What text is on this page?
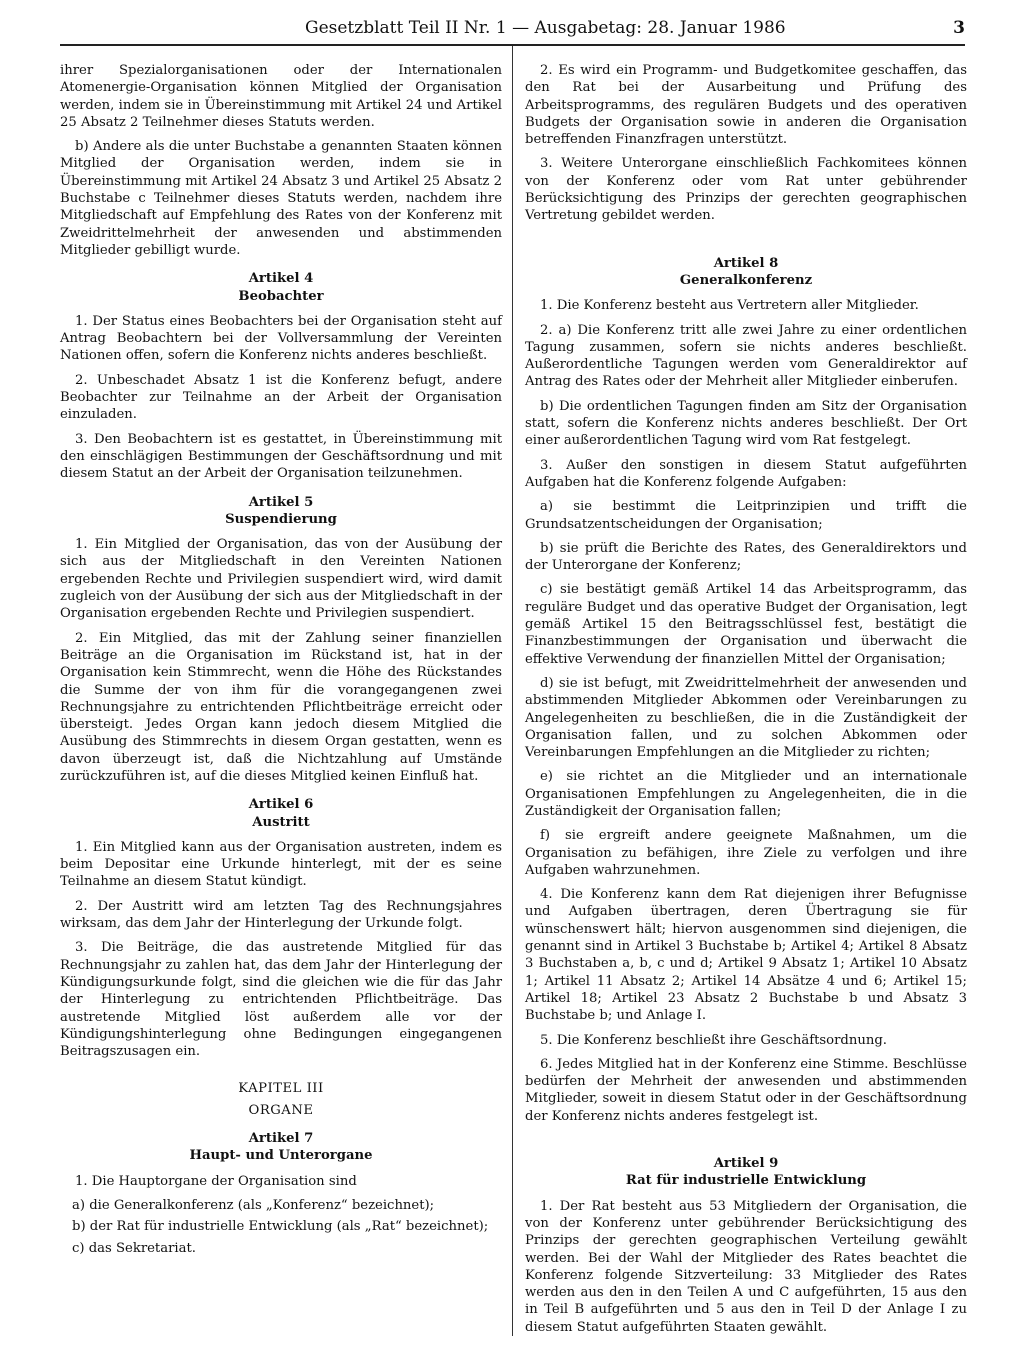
Gesetzblatt Teil II Nr. 1 — Ausgabetag: 28. Januar 1986	3

ihrer Spezialorganisationen oder der Internationalen Atomenergie-Organisation können Mitglied der Organisation werden, indem sie in Übereinstimmung mit Artikel 24 und Artikel 25 Absatz 2 Teilnehmer dieses Statuts werden.

b) Andere als die unter Buchstabe a genannten Staaten können Mitglied der Organisation werden, indem sie in Übereinstimmung mit Artikel 24 Absatz 3 und Artikel 25 Absatz 2 Buchstabe c Teilnehmer dieses Statuts werden, nachdem ihre Mitgliedschaft auf Empfehlung des Rates von der Konferenz mit Zweidrittelmehrheit der anwesenden und abstimmenden Mitglieder gebilligt wurde.

Artikel 4
Beobachter

1. Der Status eines Beobachters bei der Organisation steht auf Antrag Beobachtern bei der Vollversammlung der Vereinten Nationen offen, sofern die Konferenz nichts anderes beschließt.

2. Unbeschadet Absatz 1 ist die Konferenz befugt, andere Beobachter zur Teilnahme an der Arbeit der Organisation einzuladen.

3. Den Beobachtern ist es gestattet, in Übereinstimmung mit den einschlägigen Bestimmungen der Geschäftsordnung und mit diesem Statut an der Arbeit der Organisation teilzunehmen.

Artikel 5
Suspendierung

1. Ein Mitglied der Organisation, das von der Ausübung der sich aus der Mitgliedschaft in den Vereinten Nationen ergebenden Rechte und Privilegien suspendiert wird, wird damit zugleich von der Ausübung der sich aus der Mitgliedschaft in der Organisation ergebenden Rechte und Privilegien suspendiert.

2. Ein Mitglied, das mit der Zahlung seiner finanziellen Beiträge an die Organisation im Rückstand ist, hat in der Organisation kein Stimmrecht, wenn die Höhe des Rückstandes die Summe der von ihm für die vorangegangenen zwei Rechnungsjahre zu entrichtenden Pflichtbeiträge erreicht oder übersteigt. Jedes Organ kann jedoch diesem Mitglied die Ausübung des Stimmrechts in diesem Organ gestatten, wenn es davon überzeugt ist, daß die Nichtzahlung auf Umstände zurückzuführen ist, auf die dieses Mitglied keinen Einfluß hat.

Artikel 6
Austritt

1. Ein Mitglied kann aus der Organisation austreten, indem es beim Depositar eine Urkunde hinterlegt, mit der es seine Teilnahme an diesem Statut kündigt.

2. Der Austritt wird am letzten Tag des Rechnungsjahres wirksam, das dem Jahr der Hinterlegung der Urkunde folgt.

3. Die Beiträge, die das austretende Mitglied für das Rechnungsjahr zu zahlen hat, das dem Jahr der Hinterlegung der Kündigungsurkunde folgt, sind die gleichen wie die für das Jahr der Hinterlegung zu entrichtenden Pflichtbeiträge. Das austretende Mitglied löst außerdem alle vor der Kündigungshinterlegung ohne Bedingungen eingegangenen Beitragszusagen ein.

KAPITEL III
ORGANE
Artikel 7
Haupt- und Unterorgane

1. Die Hauptorgane der Organisation sind

a) die Generalkonferenz (als „Konferenz“ bezeichnet);

b) der Rat für industrielle Entwicklung (als „Rat“ bezeichnet);

c) das Sekretariat.

2. Es wird ein Programm- und Budgetkomitee geschaffen, das den Rat bei der Ausarbeitung und Prüfung des Arbeitsprogramms, des regulären Budgets und des operativen Budgets der Organisation sowie in anderen die Organisation betreffenden Finanzfragen unterstützt.

3. Weitere Unterorgane einschließlich Fachkomitees können von der Konferenz oder vom Rat unter gebührender Berücksichtigung des Prinzips der gerechten geographischen Vertretung gebildet werden.

Artikel 8
Generalkonferenz

1. Die Konferenz besteht aus Vertretern aller Mitglieder.

2. a) Die Konferenz tritt alle zwei Jahre zu einer ordentlichen Tagung zusammen, sofern sie nichts anderes beschließt. Außerordentliche Tagungen werden vom Generaldirektor auf Antrag des Rates oder der Mehrheit aller Mitglieder einberufen.

b) Die ordentlichen Tagungen finden am Sitz der Organisation statt, sofern die Konferenz nichts anderes beschließt. Der Ort einer außerordentlichen Tagung wird vom Rat festgelegt.

3. Außer den sonstigen in diesem Statut aufgeführten Aufgaben hat die Konferenz folgende Aufgaben:

a) sie bestimmt die Leitprinzipien und trifft die Grundsatzentscheidungen der Organisation;

b) sie prüft die Berichte des Rates, des Generaldirektors und der Unterorgane der Konferenz;

c) sie bestätigt gemäß Artikel 14 das Arbeitsprogramm, das reguläre Budget und das operative Budget der Organisation, legt gemäß Artikel 15 den Beitragsschlüssel fest, bestätigt die Finanzbestimmungen der Organisation und überwacht die effektive Verwendung der finanziellen Mittel der Organisation;

d) sie ist befugt, mit Zweidrittelmehrheit der anwesenden und abstimmenden Mitglieder Abkommen oder Vereinbarungen zu Angelegenheiten zu beschließen, die in die Zuständigkeit der Organisation fallen, und zu solchen Abkommen oder Vereinbarungen Empfehlungen an die Mitglieder zu richten;

e) sie richtet an die Mitglieder und an internationale Organisationen Empfehlungen zu Angelegenheiten, die in die Zuständigkeit der Organisation fallen;

f) sie ergreift andere geeignete Maßnahmen, um die Organisation zu befähigen, ihre Ziele zu verfolgen und ihre Aufgaben wahrzunehmen.

4. Die Konferenz kann dem Rat diejenigen ihrer Befugnisse und Aufgaben übertragen, deren Übertragung sie für wünschenswert hält; hiervon ausgenommen sind diejenigen, die genannt sind in Artikel 3 Buchstabe b; Artikel 4; Artikel 8 Absatz 3 Buchstaben a, b, c und d; Artikel 9 Absatz 1; Artikel 10 Absatz 1; Artikel 11 Absatz 2; Artikel 14 Absätze 4 und 6; Artikel 15; Artikel 18; Artikel 23 Absatz 2 Buchstabe b und Absatz 3 Buchstabe b; und Anlage I.

5. Die Konferenz beschließt ihre Geschäftsordnung.

6. Jedes Mitglied hat in der Konferenz eine Stimme. Beschlüsse bedürfen der Mehrheit der anwesenden und abstimmenden Mitglieder, soweit in diesem Statut oder in der Geschäftsordnung der Konferenz nichts anderes festgelegt ist.

Artikel 9
Rat für industrielle Entwicklung

1. Der Rat besteht aus 53 Mitgliedern der Organisation, die von der Konferenz unter gebührender Berücksichtigung des Prinzips der gerechten geographischen Verteilung gewählt werden. Bei der Wahl der Mitglieder des Rates beachtet die Konferenz folgende Sitzverteilung: 33 Mitglieder des Rates werden aus den in den Teilen A und C aufgeführten, 15 aus den in Teil B aufgeführten und 5 aus den in Teil D der Anlage I zu diesem Statut aufgeführten Staaten gewählt.
